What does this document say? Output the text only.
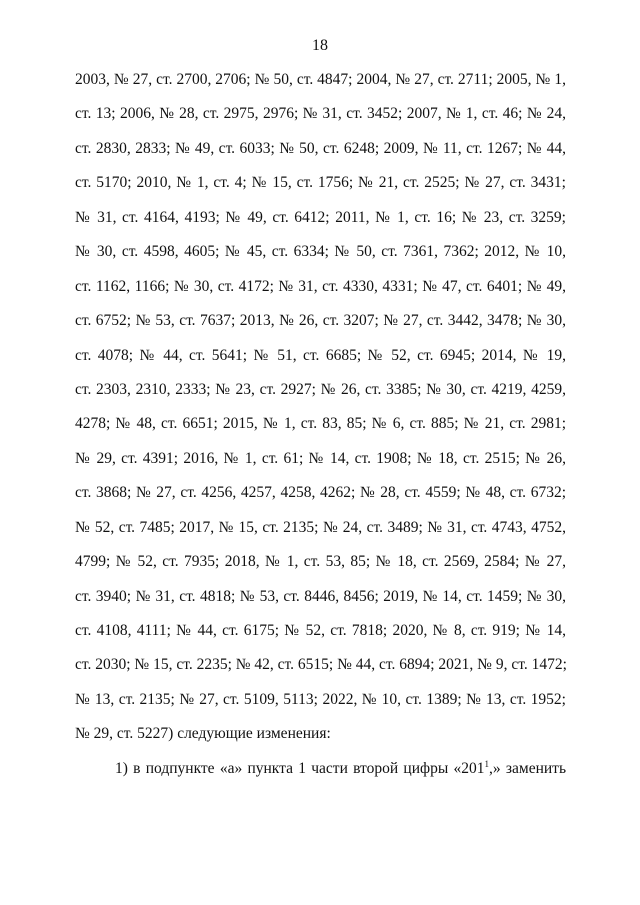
18
2003, № 27, ст. 2700, 2706; № 50, ст. 4847; 2004, № 27, ст. 2711; 2005, № 1,
ст. 13; 2006, № 28, ст. 2975, 2976; № 31, ст. 3452; 2007, № 1, ст. 46; № 24,
ст. 2830, 2833; № 49, ст. 6033; № 50, ст. 6248; 2009, № 11, ст. 1267; № 44,
ст. 5170; 2010, № 1, ст. 4; № 15, ст. 1756; № 21, ст. 2525; № 27, ст. 3431;
№ 31, ст. 4164, 4193; № 49, ст. 6412; 2011, № 1, ст. 16; № 23, ст. 3259;
№ 30, ст. 4598, 4605; № 45, ст. 6334; № 50, ст. 7361, 7362; 2012, № 10,
ст. 1162, 1166; № 30, ст. 4172; № 31, ст. 4330, 4331; № 47, ст. 6401; № 49,
ст. 6752; № 53, ст. 7637; 2013, № 26, ст. 3207; № 27, ст. 3442, 3478; № 30,
ст. 4078; № 44, ст. 5641; № 51, ст. 6685; № 52, ст. 6945; 2014, № 19,
ст. 2303, 2310, 2333; № 23, ст. 2927; № 26, ст. 3385; № 30, ст. 4219, 4259,
4278; № 48, ст. 6651; 2015, № 1, ст. 83, 85; № 6, ст. 885; № 21, ст. 2981;
№ 29, ст. 4391; 2016, № 1, ст. 61; № 14, ст. 1908; № 18, ст. 2515; № 26,
ст. 3868; № 27, ст. 4256, 4257, 4258, 4262; № 28, ст. 4559; № 48, ст. 6732;
№ 52, ст. 7485; 2017, № 15, ст. 2135; № 24, ст. 3489; № 31, ст. 4743, 4752,
4799; № 52, ст. 7935; 2018, № 1, ст. 53, 85; № 18, ст. 2569, 2584; № 27,
ст. 3940; № 31, ст. 4818; № 53, ст. 8446, 8456; 2019, № 14, ст. 1459; № 30,
ст. 4108, 4111; № 44, ст. 6175; № 52, ст. 7818; 2020, № 8, ст. 919; № 14,
ст. 2030; № 15, ст. 2235; № 42, ст. 6515; № 44, ст. 6894; 2021, № 9, ст. 1472;
№ 13, ст. 2135; № 27, ст. 5109, 5113; 2022, № 10, ст. 1389; № 13, ст. 1952;
№ 29, ст. 5227) следующие изменения:
1) в подпункте «а» пункта 1 части второй цифры «$201^1$,» заменить
